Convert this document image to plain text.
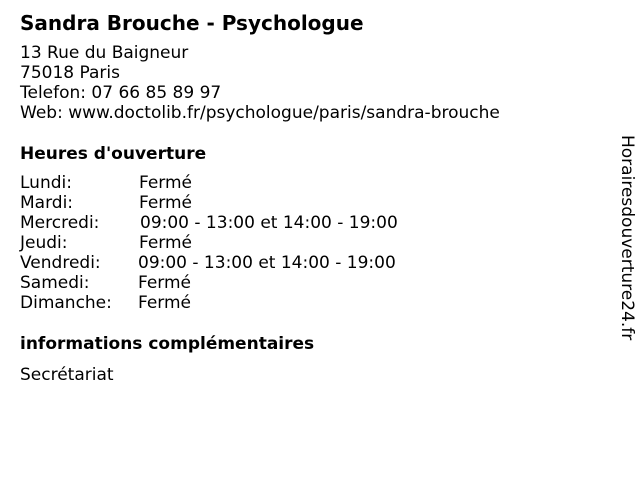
Sandra Brouche - Psychologue
13 Rue du Baigneur
75018 Paris
Telefon: 07 66 85 89 97
Web: www.doctolib.fr/psychologue/paris/sandra-brouche
Heures d'ouverture
Lundi:	Fermé
Mardi:	Fermé
Mercredi: 09:00 - 13:00 et 14:00 - 19:00
Jeudi:	Fermé
Vendredi: 09:00 - 13:00 et 14:00 - 19:00
Samedi:	Fermé
Dimanche: Fermé
informations complémentaires
Secrétariat
Horairesdouverture24.fr
